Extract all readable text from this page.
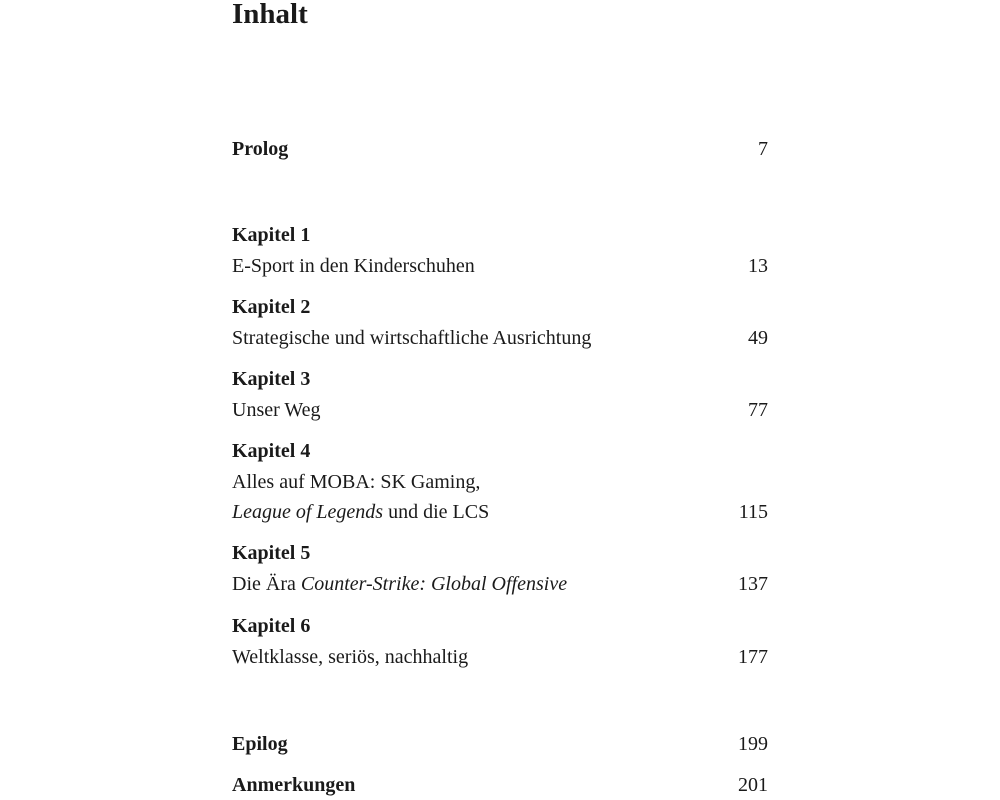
Inhalt
Prolog	7
Kapitel 1
E-Sport in den Kinderschuhen	13
Kapitel 2
Strategische und wirtschaftliche Ausrichtung	49
Kapitel 3
Unser Weg	77
Kapitel 4
Alles auf MOBA: SK Gaming,
League of Legends und die LCS	115
Kapitel 5
Die Ära Counter-Strike: Global Offensive	137
Kapitel 6
Weltklasse, seriös, nachhaltig	177
Epilog	199
Anmerkungen	201
